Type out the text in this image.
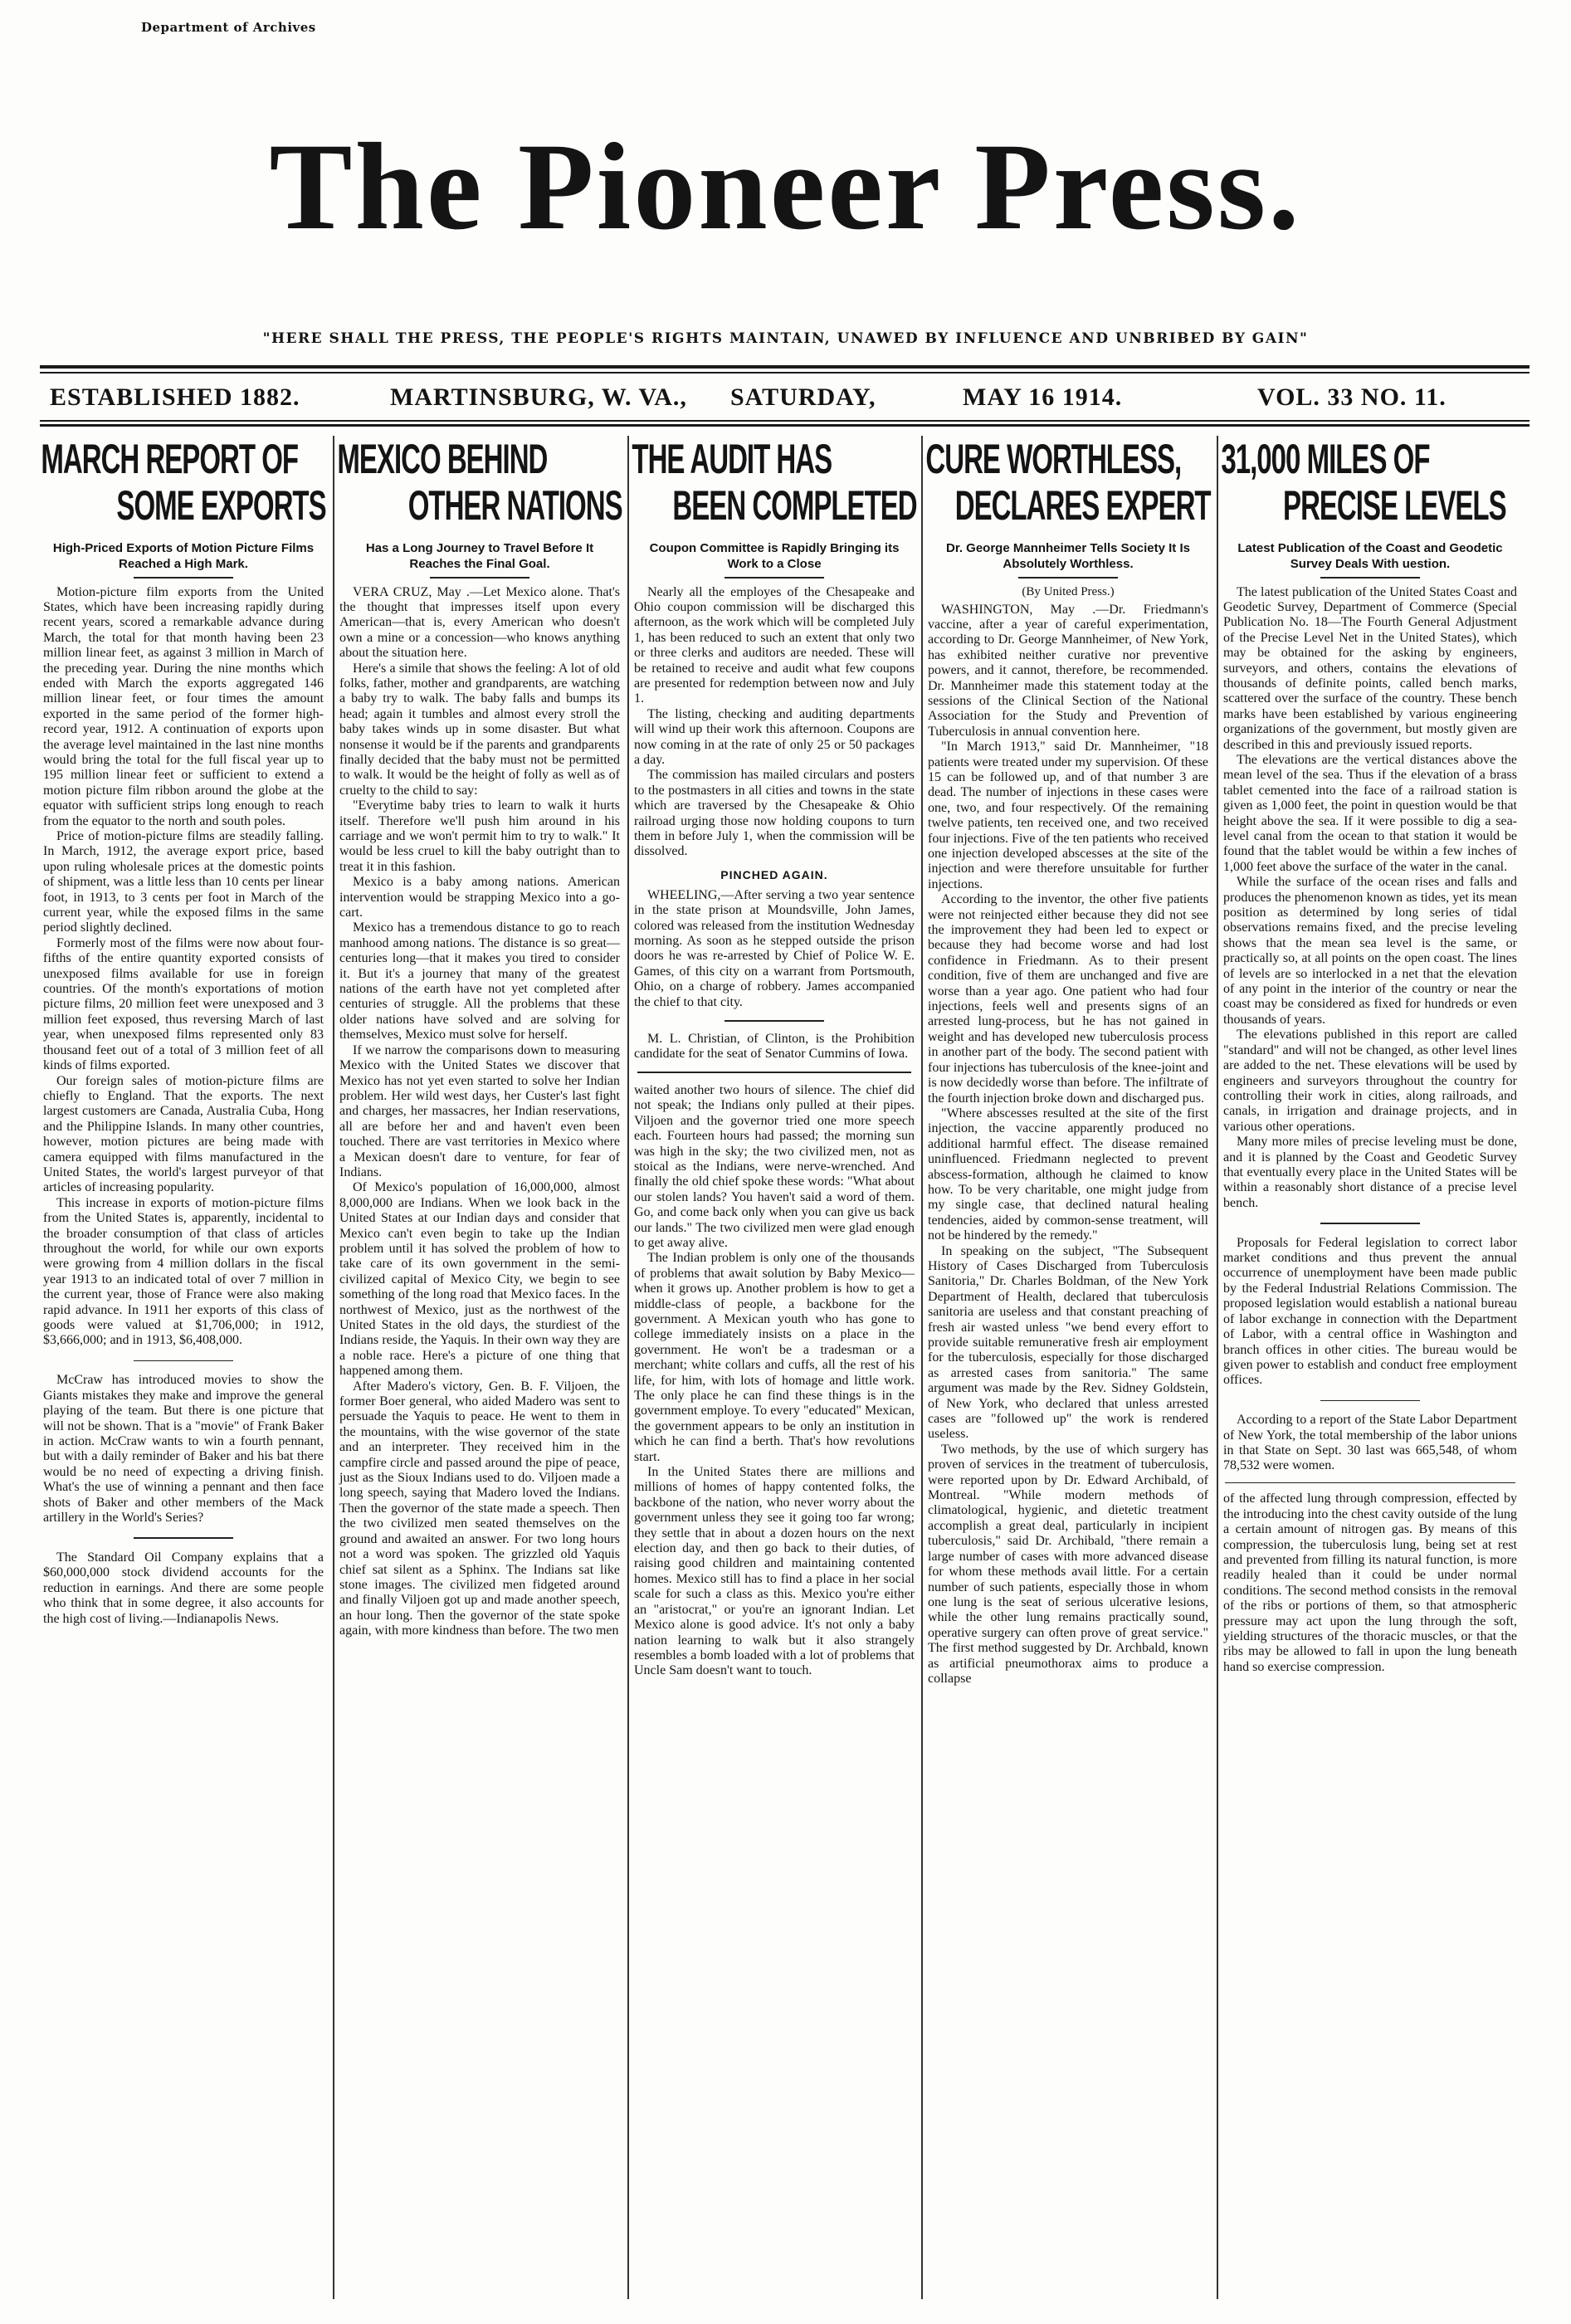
Department of Archives
The Pioneer Press.
"HERE SHALL THE PRESS, THE PEOPLE'S RIGHTS MAINTAIN, UNAWED BY INFLUENCE AND UNBRIBED BY GAIN"
ESTABLISHED 1882.	MARTINSBURG, W. VA., SATURDAY,	MAY 16 1914.	VOL. 33 NO. 11.
MARCH REPORT OF
SOME EXPORTS
High-Priced Exports of Motion Picture Films Reached a High Mark.

Motion-picture film exports from the United States, which have been increasing rapidly during recent years, scored a remarkable advance during March, the total for that month having been 23 million linear feet, as against 3 million in March of the preceding year. During the nine months which ended with March the exports aggregated 146 million linear feet, or four times the amount exported in the same period of the former high-record year, 1912. A continuation of exports upon the average level maintained in the last nine months would bring the total for the full fiscal year up to 195 million linear feet or sufficient to extend a motion picture film ribbon around the globe at the equator with sufficient strips long enough to reach from the equator to the north and south poles.

Price of motion-picture films are steadily falling. In March, 1912, the average export price, based upon ruling wholesale prices at the domestic points of shipment, was a little less than 10 cents per linear foot, in 1913, to 3 cents per foot in March of the current year, while the exposed films in the same period slightly declined.

Formerly most of the films were now about four-fifths of the entire quantity exported consists of unexposed films available for use in foreign countries. Of the month's exportations of motion picture films, 20 million feet were unexposed and 3 million feet exposed, thus reversing March of last year, when unexposed films represented only 83 thousand feet out of a total of 3 million feet of all kinds of films exported.

Our foreign sales of motion-picture films are chiefly to England. That the exports. The next largest customers are Canada, Australia Cuba, Hong and the Philippine Islands. In many other countries, however, motion pictures are being made with camera equipped with films manufactured in the United States, the world's largest purveyor of that articles of increasing popularity.

This increase in exports of motion-picture films from the United States is, apparently, incidental to the broader consumption of that class of articles throughout the world, for while our own exports were growing from 4 million dollars in the fiscal year 1913 to an indicated total of over 7 million in the current year, those of France were also making rapid advance. In 1911 her exports of this class of goods were valued at $1,706,000; in 1912, $3,666,000; and in 1913, $6,408,000.

McCraw has introduced movies to show the Giants mistakes they make and improve the general playing of the team. But there is one picture that will not be shown. That is a "movie" of Frank Baker in action. McCraw wants to win a fourth pennant, but with a daily reminder of Baker and his bat there would be no need of expecting a driving finish. What's the use of winning a pennant and then face shots of Baker and other members of the Mack artillery in the World's Series?

The Standard Oil Company explains that a $60,000,000 stock dividend accounts for the reduction in earnings. And there are some people who think that in some degree, it also accounts for the high cost of living.—Indianapolis News.

MEXICO BEHIND
OTHER NATIONS
Has a Long Journey to Travel Before It Reaches the Final Goal.

VERA CRUZ, May .—Let Mexico alone. That's the thought that impresses itself upon every American—that is, every American who doesn't own a mine or a concession—who knows anything about the situation here.

Here's a simile that shows the feeling: A lot of old folks, father, mother and grandparents, are watching a baby try to walk. The baby falls and bumps its head; again it tumbles and almost every stroll the baby takes winds up in some disaster. But what nonsense it would be if the parents and grandparents finally decided that the baby must not be permitted to walk. It would be the height of folly as well as of cruelty to the child to say:

"Everytime baby tries to learn to walk it hurts itself. Therefore we'll push him around in his carriage and we won't permit him to try to walk." It would be less cruel to kill the baby outright than to treat it in this fashion.

Mexico is a baby among nations. American intervention would be strapping Mexico into a go-cart.

Mexico has a tremendous distance to go to reach manhood among nations. The distance is so great—centuries long—that it makes you tired to consider it. But it's a journey that many of the greatest nations of the earth have not yet completed after centuries of struggle. All the problems that these older nations have solved and are solving for themselves, Mexico must solve for herself.

If we narrow the comparisons down to measuring Mexico with the United States we discover that Mexico has not yet even started to solve her Indian problem. Her wild west days, her Custer's last fight and charges, her massacres, her Indian reservations, all are before her and and haven't even been touched. There are vast territories in Mexico where a Mexican doesn't dare to venture, for fear of Indians.

Of Mexico's population of 16,000,000, almost 8,000,000 are Indians. When we look back in the United States at our Indian days and consider that Mexico can't even begin to take up the Indian problem until it has solved the problem of how to take care of its own government in the semi-civilized capital of Mexico City, we begin to see something of the long road that Mexico faces. In the northwest of Mexico, just as the northwest of the United States in the old days, the sturdiest of the Indians reside, the Yaquis. In their own way they are a noble race. Here's a picture of one thing that happened among them.

After Madero's victory, Gen. B. F. Viljoen, the former Boer general, who aided Madero was sent to persuade the Yaquis to peace. He went to them in the mountains, with the wise governor of the state and an interpreter. They received him in the campfire circle and passed around the pipe of peace, just as the Sioux Indians used to do. Viljoen made a long speech, saying that Madero loved the Indians. Then the governor of the state made a speech. Then the two civilized men seated themselves on the ground and awaited an answer. For two long hours not a word was spoken. The grizzled old Yaquis chief sat silent as a Sphinx. The Indians sat like stone images. The civilized men fidgeted around and finally Viljoen got up and made another speech, an hour long. Then the governor of the state spoke again, with more kindness than before. The two men

THE AUDIT HAS
BEEN COMPLETED
Coupon Committee is Rapidly Bringing its Work to a Close

Nearly all the employes of the Chesapeake and Ohio coupon commission will be discharged this afternoon, as the work which will be completed July 1, has been reduced to such an extent that only two or three clerks and auditors are needed. These will be retained to receive and audit what few coupons are presented for redemption between now and July 1.

The listing, checking and auditing departments will wind up their work this afternoon. Coupons are now coming in at the rate of only 25 or 50 packages a day.

The commission has mailed circulars and posters to the postmasters in all cities and towns in the state which are traversed by the Chesapeake & Ohio railroad urging those now holding coupons to turn them in before July 1, when the commission will be dissolved.

PINCHED AGAIN.

WHEELING,—After serving a two year sentence in the state prison at Moundsville, John James, colored was released from the institution Wednesday morning. As soon as he stepped outside the prison doors he was re-arrested by Chief of Police W. E. Games, of this city on a warrant from Portsmouth, Ohio, on a charge of robbery. James accompanied the chief to that city.

M. L. Christian, of Clinton, is the Prohibition candidate for the seat of Senator Cummins of Iowa.

waited another two hours of silence. The chief did not speak; the Indians only pulled at their pipes. Viljoen and the governor tried one more speech each. Fourteen hours had passed; the morning sun was high in the sky; the two civilized men, not as stoical as the Indians, were nerve-wrenched. And finally the old chief spoke these words: "What about our stolen lands? You haven't said a word of them. Go, and come back only when you can give us back our lands." The two civilized men were glad enough to get away alive.

The Indian problem is only one of the thousands of problems that await solution by Baby Mexico—when it grows up. Another problem is how to get a middle-class of people, a backbone for the government. A Mexican youth who has gone to college immediately insists on a place in the government. He won't be a tradesman or a merchant; white collars and cuffs, all the rest of his life, for him, with lots of homage and little work. The only place he can find these things is in the government employe. To every "educated" Mexican, the government appears to be only an institution in which he can find a berth. That's how revolutions start.

In the United States there are millions and millions of homes of happy contented folks, the backbone of the nation, who never worry about the government unless they see it going too far wrong; they settle that in about a dozen hours on the next election day, and then go back to their duties, of raising good children and maintaining contented homes. Mexico still has to find a place in her social scale for such a class as this. Mexico you're either an "aristocrat," or you're an ignorant Indian. Let Mexico alone is good advice. It's not only a baby nation learning to walk but it also strangely resembles a bomb loaded with a lot of problems that Uncle Sam doesn't want to touch.

CURE WORTHLESS,
DECLARES EXPERT
Dr. George Mannheimer Tells Society It Is Absolutely Worthless.
(By United Press.)

WASHINGTON, May .—Dr. Friedmann's vaccine, after a year of careful experimentation, according to Dr. George Mannheimer, of New York, has exhibited neither curative nor preventive powers, and it cannot, therefore, be recommended. Dr. Mannheimer made this statement today at the sessions of the Clinical Section of the National Association for the Study and Prevention of Tuberculosis in annual convention here.

"In March 1913," said Dr. Mannheimer, "18 patients were treated under my supervision. Of these 15 can be followed up, and of that number 3 are dead. The number of injections in these cases were one, two, and four respectively. Of the remaining twelve patients, ten received one, and two received four injections. Five of the ten patients who received one injection developed abscesses at the site of the injection and were therefore unsuitable for further injections.

According to the inventor, the other five patients were not reinjected either because they did not see the improvement they had been led to expect or because they had become worse and had lost confidence in Friedmann. As to their present condition, five of them are unchanged and five are worse than a year ago. One patient who had four injections, feels well and presents signs of an arrested lung-process, but he has not gained in weight and has developed new tuberculosis process in another part of the body. The second patient with four injections has tuberculosis of the knee-joint and is now decidedly worse than before. The infiltrate of the fourth injection broke down and discharged pus.

"Where abscesses resulted at the site of the first injection, the vaccine apparently produced no additional harmful effect. The disease remained uninfluenced. Friedmann neglected to prevent abscess-formation, although he claimed to know how. To be very charitable, one might judge from my single case, that declined natural healing tendencies, aided by common-sense treatment, will not be hindered by the remedy."

In speaking on the subject, "The Subsequent History of Cases Discharged from Tuberculosis Sanitoria," Dr. Charles Boldman, of the New York Department of Health, declared that tuberculosis sanitoria are useless and that constant preaching of fresh air wasted unless "we bend every effort to provide suitable remunerative fresh air employment for the tuberculosis, especially for those discharged as arrested cases from sanitoria." The same argument was made by the Rev. Sidney Goldstein, of New York, who declared that unless arrested cases are "followed up" the work is rendered useless.

Two methods, by the use of which surgery has proven of services in the treatment of tuberculosis, were reported upon by Dr. Edward Archibald, of Montreal. "While modern methods of climatological, hygienic, and dietetic treatment accomplish a great deal, particularly in incipient tuberculosis," said Dr. Archibald, "there remain a large number of cases with more advanced disease for whom these methods avail little. For a certain number of such patients, especially those in whom one lung is the seat of serious ulcerative lesions, while the other lung remains practically sound, operative surgery can often prove of great service." The first method suggested by Dr. Archbald, known as artificial pneumothorax aims to produce a collapse

31,000 MILES OF
PRECISE LEVELS
Latest Publication of the Coast and Geodetic Survey Deals With uestion.

The latest publication of the United States Coast and Geodetic Survey, Department of Commerce (Special Publication No. 18—The Fourth General Adjustment of the Precise Level Net in the United States), which may be obtained for the asking by engineers, surveyors, and others, contains the elevations of thousands of definite points, called bench marks, scattered over the surface of the country. These bench marks have been established by various engineering organizations of the government, but mostly given are described in this and previously issued reports.

The elevations are the vertical distances above the mean level of the sea. Thus if the elevation of a brass tablet cemented into the face of a railroad station is given as 1,000 feet, the point in question would be that height above the sea. If it were possible to dig a sea-level canal from the ocean to that station it would be found that the tablet would be within a few inches of 1,000 feet above the surface of the water in the canal.

While the surface of the ocean rises and falls and produces the phenomenon known as tides, yet its mean position as determined by long series of tidal observations remains fixed, and the precise leveling shows that the mean sea level is the same, or practically so, at all points on the open coast. The lines of levels are so interlocked in a net that the elevation of any point in the interior of the country or near the coast may be considered as fixed for hundreds or even thousands of years.

The elevations published in this report are called "standard" and will not be changed, as other level lines are added to the net. These elevations will be used by engineers and surveyors throughout the country for controlling their work in cities, along railroads, and canals, in irrigation and drainage projects, and in various other operations.

Many more miles of precise leveling must be done, and it is planned by the Coast and Geodetic Survey that eventually every place in the United States will be within a reasonably short distance of a precise level bench.

Proposals for Federal legislation to correct labor market conditions and thus prevent the annual occurrence of unemployment have been made public by the Federal Industrial Relations Commission. The proposed legislation would establish a national bureau of labor exchange in connection with the Department of Labor, with a central office in Washington and branch offices in other cities. The bureau would be given power to establish and conduct free employment offices.

According to a report of the State Labor Department of New York, the total membership of the labor unions in that State on Sept. 30 last was 665,548, of whom 78,532 were women.

of the affected lung through compression, effected by the introducing into the chest cavity outside of the lung a certain amount of nitrogen gas. By means of this compression, the tuberculosis lung, being set at rest and prevented from filling its natural function, is more readily healed than it could be under normal conditions. The second method consists in the removal of the ribs or portions of them, so that atmospheric pressure may act upon the lung through the soft, yielding structures of the thoracic muscles, or that the ribs may be allowed to fall in upon the lung beneath hand so exercise compression.
